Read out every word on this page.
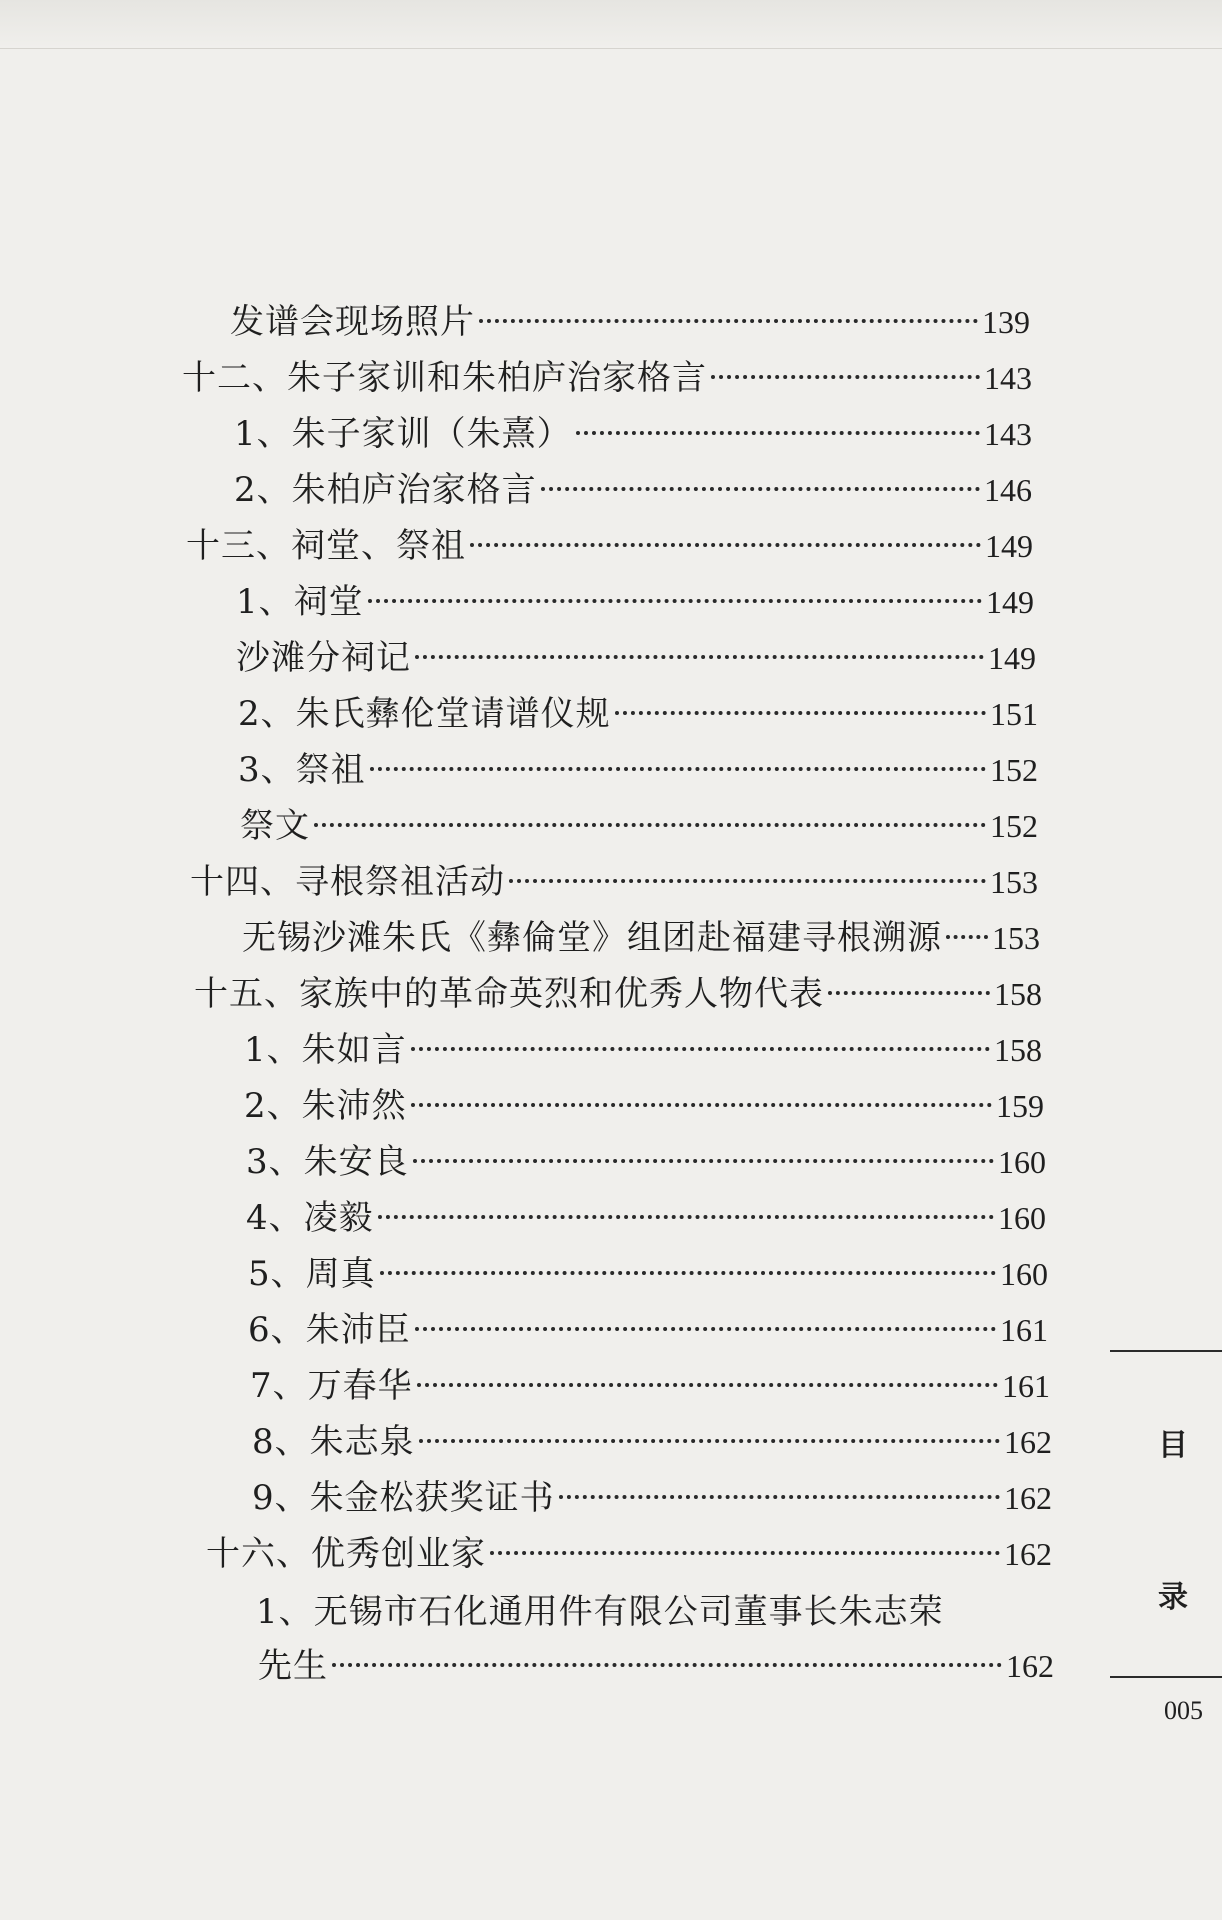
发谱会现场照片	139
十二、朱子家训和朱柏庐治家格言	143
1、朱子家训（朱熹）	143
2、朱柏庐治家格言	146
十三、祠堂、祭祖	149
1、祠堂	149
沙滩分祠记	149
2、朱氏彝伦堂请谱仪规	151
3、祭祖	152
祭文	152
十四、寻根祭祖活动	153
无锡沙滩朱氏《彝倫堂》组团赴福建寻根溯源 153
十五、家族中的革命英烈和优秀人物代表	158
1、朱如言	158
2、朱沛然	159
3、朱安良	160
4、凌毅	160
5、周真	160
6、朱沛臣	161
7、万春华	161
8、朱志泉	162
9、朱金松获奖证书	162
十六、优秀创业家	162
1、无锡市石化通用件有限公司董事长朱志荣
先生	162
目
录
005
